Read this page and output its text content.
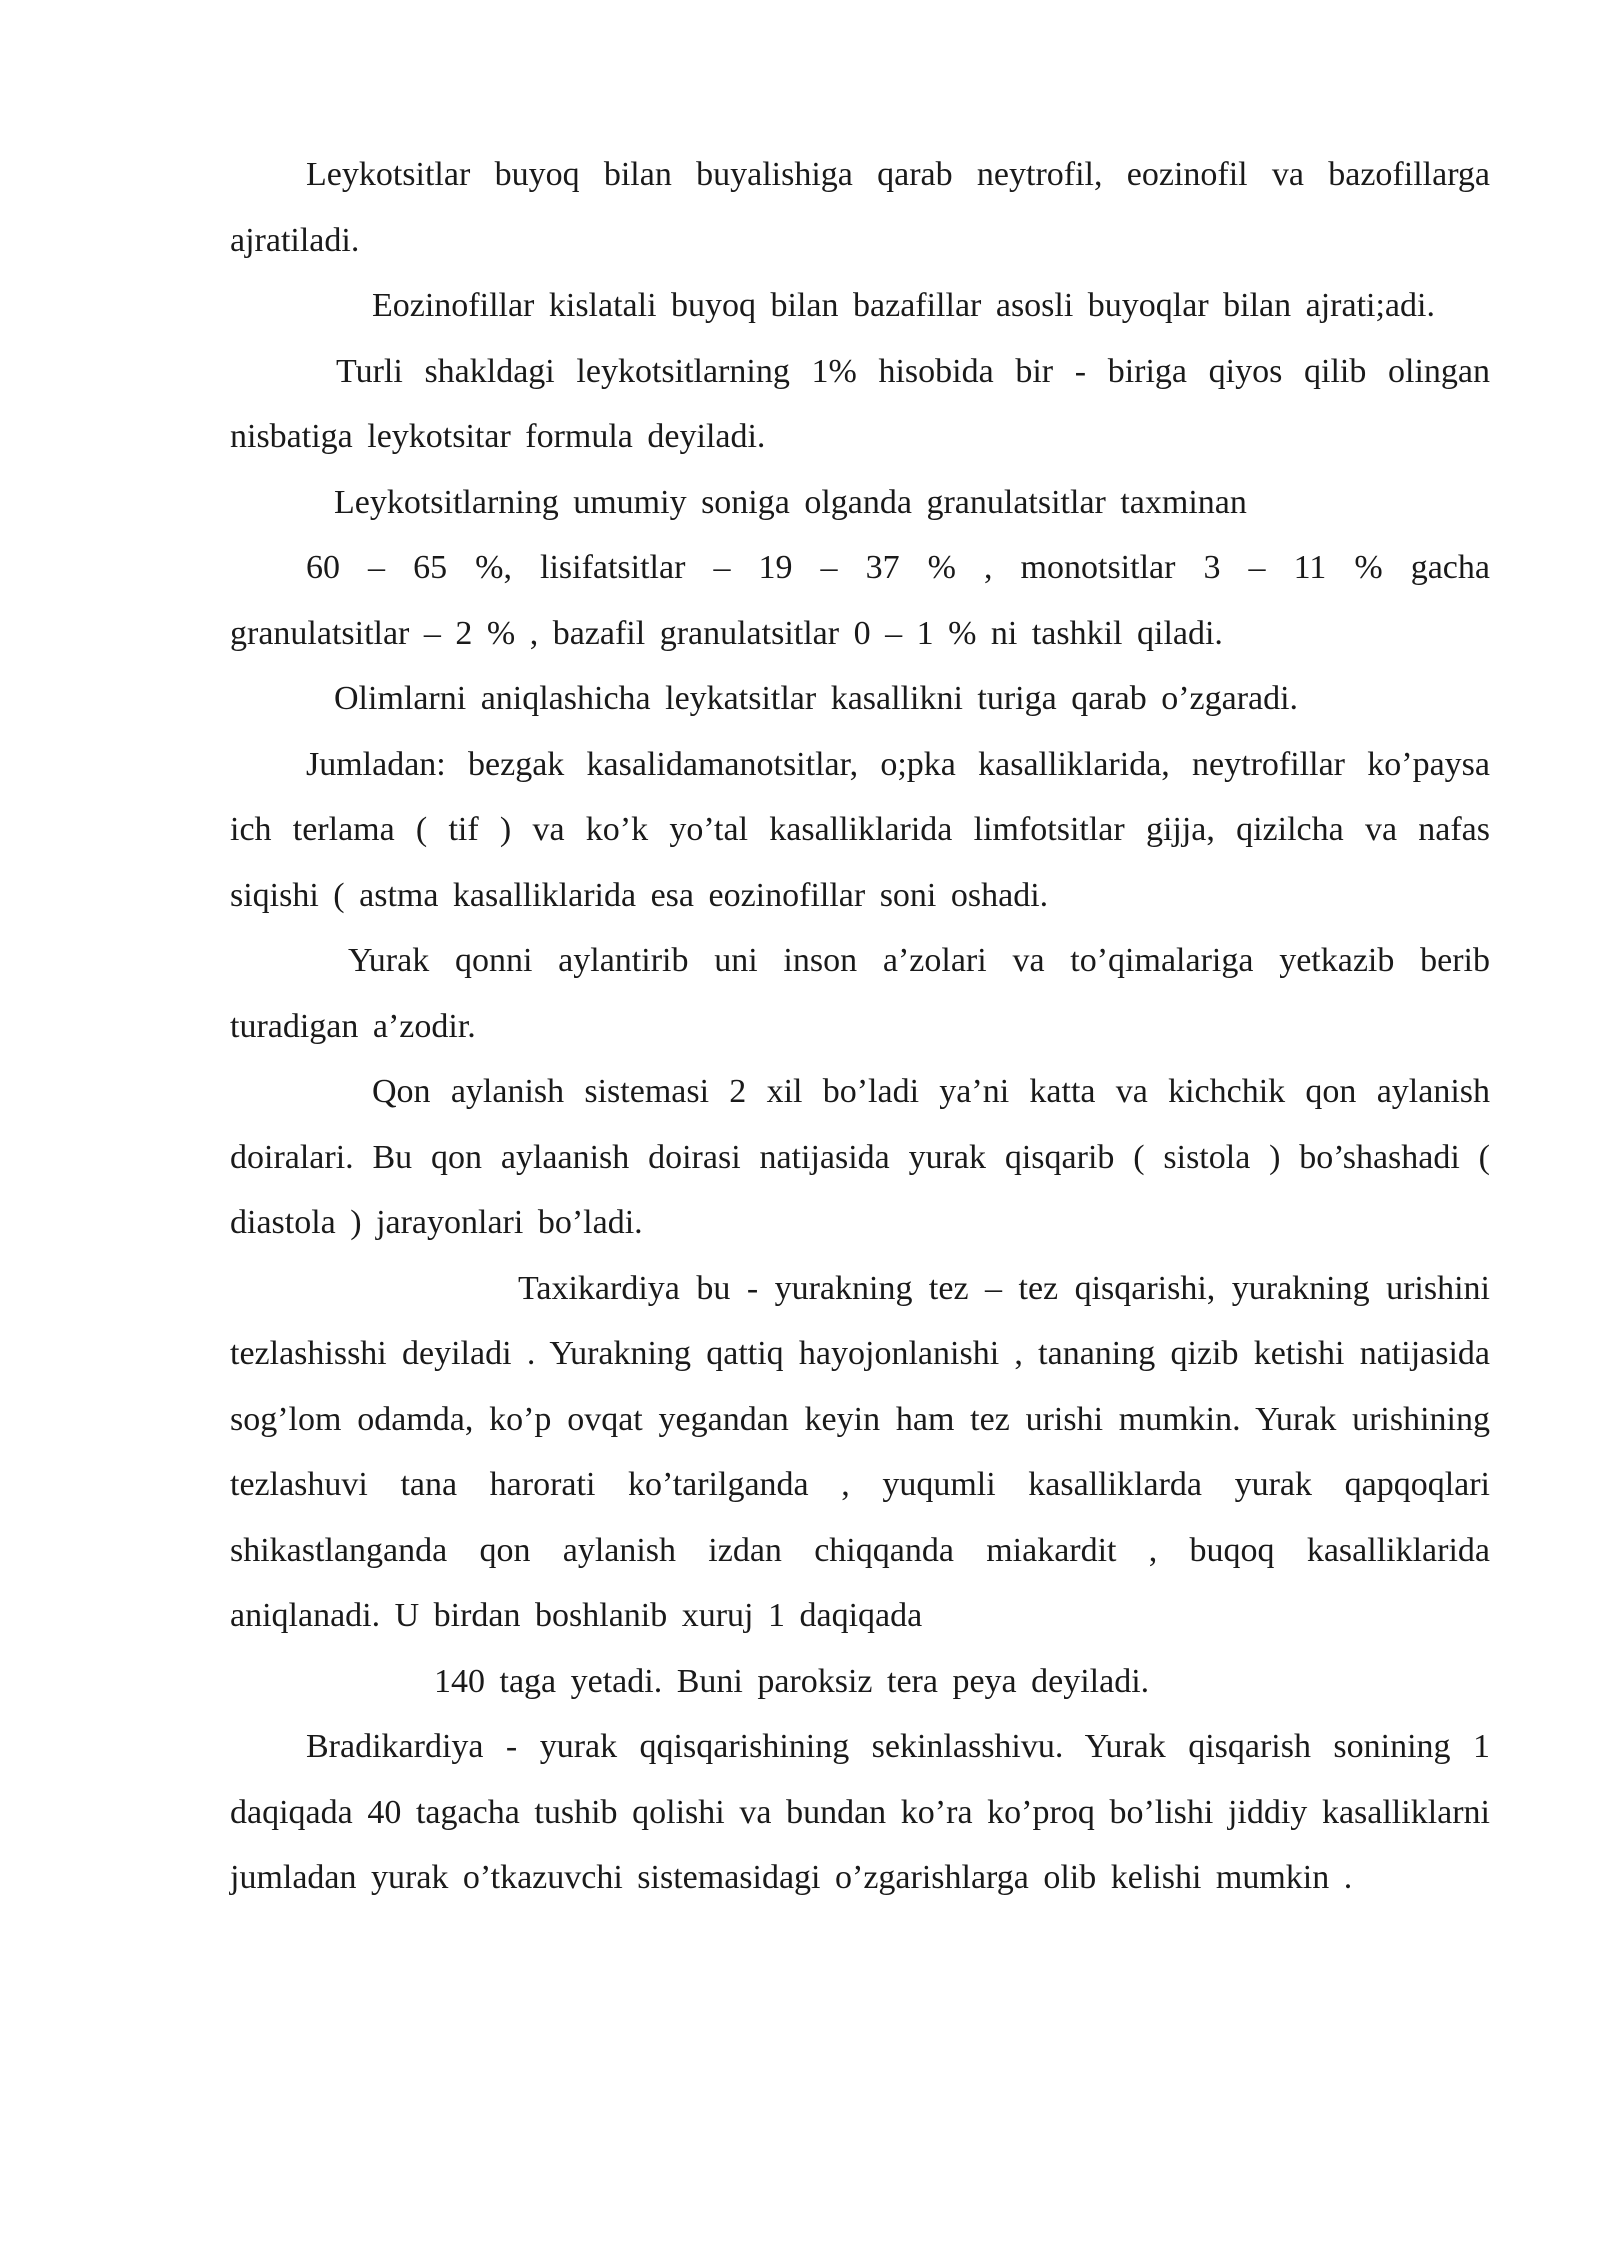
Leykotsitlar buyoq bilan buyalishiga qarab neytrofil, eozinofil va bazofillarga ajratiladi.

Eozinofillar kislatali buyoq bilan bazafillar asosli buyoqlar bilan ajrati;adi.

Turli shakldagi leykotsitlarning 1% hisobida bir - biriga qiyos qilib olingan nisbatiga leykotsitar formula deyiladi.

Leykotsitlarning umumiy soniga olganda granulatsitlar taxminan

60 – 65 %, lisifatsitlar – 19 – 37 % , monotsitlar 3 – 11 % gacha

granulatsitlar – 2 % , bazafil granulatsitlar 0 – 1 % ni tashkil qiladi.

Olimlarni aniqlashicha leykatsitlar kasallikni turiga qarab o’zgaradi.

Jumladan: bezgak kasalidamanotsitlar, o;pka kasalliklarida, neytrofillar ko’paysa ich terlama ( tif ) va ko’k yo’tal kasalliklarida limfotsitlar gijja, qizilcha va nafas siqishi ( astma kasalliklarida esa eozinofillar soni oshadi.

Yurak qonni aylantirib uni inson a’zolari va to’qimalariga yetkazib berib turadigan a’zodir.

Qon aylanish sistemasi 2 xil bo’ladi ya’ni katta va kichchik qon aylanish doiralari. Bu qon aylaanish doirasi natijasida yurak qisqarib ( sistola ) bo’shashadi ( diastola ) jarayonlari bo’ladi.

Taxikardiya bu - yurakning tez – tez qisqarishi, yurakning urishini tezlashisshi deyiladi . Yurakning qattiq hayojonlanishi , tananing qizib ketishi natijasida sog’lom odamda, ko’p ovqat yegandan keyin ham tez urishi mumkin. Yurak urishining tezlashuvi tana harorati ko’tarilganda , yuqumli kasalliklarda yurak qapqoqlari shikastlanganda qon aylanish izdan chiqqanda miakardit , buqoq kasalliklarida aniqlanadi. U birdan boshlanib xuruj 1 daqiqada

140 taga yetadi. Buni paroksiz tera peya deyiladi.

Bradikardiya - yurak qqisqarishining sekinlasshivu. Yurak qisqarish sonining 1 daqiqada 40 tagacha tushib qolishi va bundan ko’ra ko’proq bo’lishi jiddiy kasalliklarni jumladan yurak o’tkazuvchi sistemasidagi o’zgarishlarga olib kelishi mumkin .
